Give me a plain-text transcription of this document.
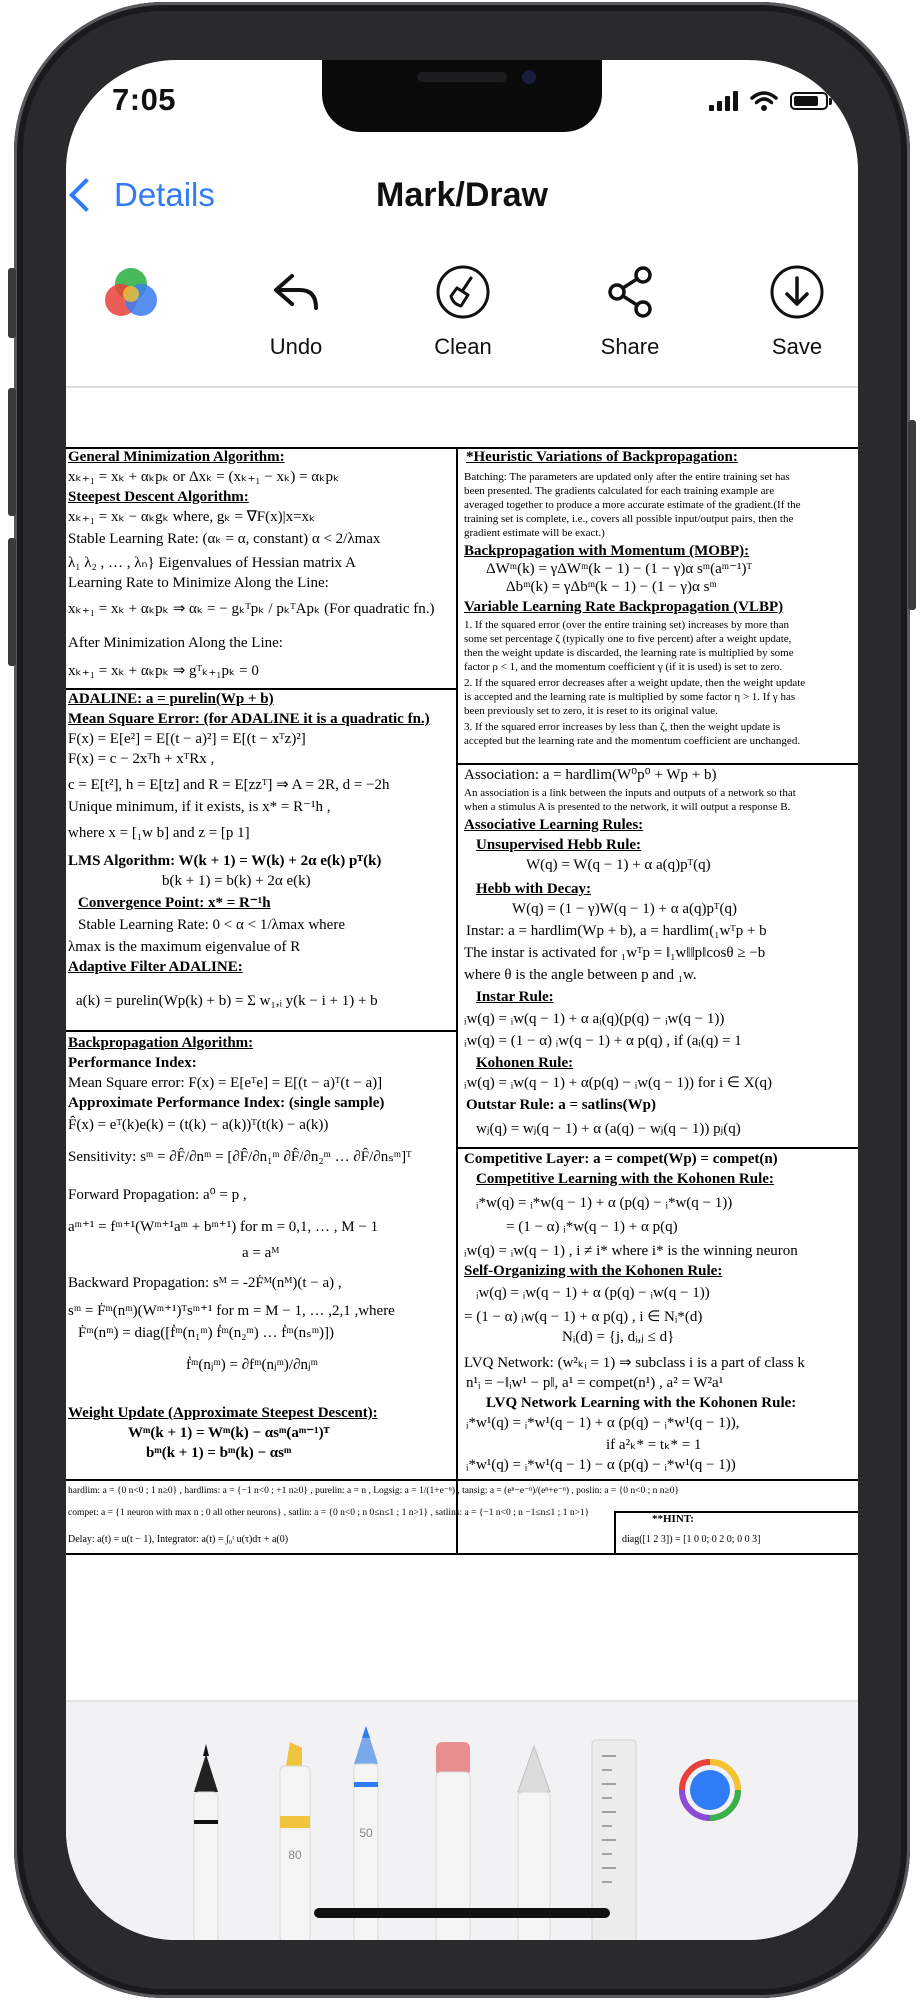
7:05
Details	Mark/Draw
Undo	Clean	Share	Save
General Minimization Algorithm:
xₖ₊₁ = xₖ + αₖpₖ or Δxₖ = (xₖ₊₁ − xₖ) = αₖpₖ
Steepest Descent Algorithm:
xₖ₊₁ = xₖ − αₖgₖ where, gₖ = ∇F(x)|x=xₖ
Stable Learning Rate: (αₖ = α, constant) α < 2/λmax
λ₁ λ₂ , … , λₙ} Eigenvalues of Hessian matrix A
Learning Rate to Minimize Along the Line:
xₖ₊₁ = xₖ + αₖpₖ ⇒ αₖ = − gₖᵀpₖ / pₖᵀApₖ (For quadratic fn.)
After Minimization Along the Line:
xₖ₊₁ = xₖ + αₖpₖ ⇒ gᵀₖ₊₁pₖ = 0
ADALINE: a = purelin(Wp + b)
Mean Square Error: (for ADALINE it is a quadratic fn.)
F(x) = E[e²] = E[(t − a)²] = E[(t − xᵀz)²]
F(x) = c − 2xᵀh + xᵀRx ,
c = E[t²], h = E[tz] and R = E[zzᵀ] ⇒ A = 2R, d = −2h
Unique minimum, if it exists, is x* = R⁻¹h ,
where x = [₁w b] and z = [p 1]
LMS Algorithm: W(k + 1) = W(k) + 2α e(k) pᵀ(k)
b(k + 1) = b(k) + 2α e(k)
Convergence Point: x* = R⁻¹h
Stable Learning Rate: 0 < α < 1/λmax where
λmax is the maximum eigenvalue of R
Adaptive Filter ADALINE:
a(k) = purelin(Wp(k) + b) = Σ w₁,ᵢ y(k − i + 1) + b
Backpropagation Algorithm:
Performance Index:
Mean Square error: F(x) = E[eᵀe] = E[(t − a)ᵀ(t − a)]
Approximate Performance Index: (single sample)
F̂(x) = eᵀ(k)e(k) = (t(k) − a(k))ᵀ(t(k) − a(k))
Sensitivity: sᵐ = ∂F̂/∂nᵐ = [∂F̂/∂n₁ᵐ ∂F̂/∂n₂ᵐ … ∂F̂/∂nₛᵐ]ᵀ
Forward Propagation: a⁰ = p ,
aᵐ⁺¹ = fᵐ⁺¹(Wᵐ⁺¹aᵐ + bᵐ⁺¹) for m = 0,1, … , M − 1
a = aᴹ
Backward Propagation: sᴹ = -2Ḟᴹ(nᴹ)(t − a) ,
sᵐ = Ḟᵐ(nᵐ)(Wᵐ⁺¹)ᵀsᵐ⁺¹ for m = M − 1, … ,2,1 ,where
Ḟᵐ(nᵐ) = diag([ḟᵐ(n₁ᵐ) ḟᵐ(n₂ᵐ) … ḟᵐ(nₛᵐ)])
ḟᵐ(nⱼᵐ) = ∂fᵐ(nⱼᵐ)/∂nⱼᵐ
Weight Update (Approximate Steepest Descent):
Wᵐ(k + 1) = Wᵐ(k) − αsᵐ(aᵐ⁻¹)ᵀ
bᵐ(k + 1) = bᵐ(k) − αsᵐ
*Heuristic Variations of Backpropagation:
Batching: The parameters are updated only after the entire training set has
been presented. The gradients calculated for each training example are
averaged together to produce a more accurate estimate of the gradient.(If the
training set is complete, i.e., covers all possible input/output pairs, then the
gradient estimate will be exact.)
Backpropagation with Momentum (MOBP):
ΔWᵐ(k) = γΔWᵐ(k − 1) − (1 − γ)α sᵐ(aᵐ⁻¹)ᵀ
Δbᵐ(k) = γΔbᵐ(k − 1) − (1 − γ)α sᵐ
Variable Learning Rate Backpropagation (VLBP)
1. If the squared error (over the entire training set) increases by more than
some set percentage ζ (typically one to five percent) after a weight update,
then the weight update is discarded, the learning rate is multiplied by some
factor ρ < 1, and the momentum coefficient γ (if it is used) is set to zero.
2. If the squared error decreases after a weight update, then the weight update
is accepted and the learning rate is multiplied by some factor η > 1. If γ has
been previously set to zero, it is reset to its original value.
3. If the squared error increases by less than ζ, then the weight update is
accepted but the learning rate and the momentum coefficient are unchanged.
Association: a = hardlim(W⁰p⁰ + Wp + b)
An association is a link between the inputs and outputs of a network so that
when a stimulus A is presented to the network, it will output a response B.
Associative Learning Rules:
Unsupervised Hebb Rule:
W(q) = W(q − 1) + α a(q)pᵀ(q)
Hebb with Decay:
W(q) = (1 − γ)W(q − 1) + α a(q)pᵀ(q)
Instar: a = hardlim(Wp + b), a = hardlim(₁wᵀp + b
The instar is activated for ₁wᵀp = ‖₁w‖‖p‖cosθ ≥ −b
where θ is the angle between p and ₁w.
Instar Rule:
ᵢw(q) = ᵢw(q − 1) + α aᵢ(q)(p(q) − ᵢw(q − 1))
ᵢw(q) = (1 − α) ᵢw(q − 1) + α p(q) , if (aᵢ(q) = 1
Kohonen Rule:
ᵢw(q) = ᵢw(q − 1) + α(p(q) − ᵢw(q − 1)) for i ∈ X(q)
Outstar Rule: a = satlins(Wp)
wⱼ(q) = wⱼ(q − 1) + α (a(q) − wⱼ(q − 1)) pⱼ(q)
Competitive Layer: a = compet(Wp) = compet(n)
Competitive Learning with the Kohonen Rule:
ᵢ*w(q) = ᵢ*w(q − 1) + α (p(q) − ᵢ*w(q − 1))
= (1 − α) ᵢ*w(q − 1) + α p(q)
ᵢw(q) = ᵢw(q − 1) , i ≠ i* where i* is the winning neuron
Self-Organizing with the Kohonen Rule:
ᵢw(q) = ᵢw(q − 1) + α (p(q) − ᵢw(q − 1))
= (1 − α) ᵢw(q − 1) + α p(q) , i ∈ Nᵢ*(d)
Nᵢ(d) = {j, dᵢ,ⱼ ≤ d}
LVQ Network: (w²ₖᵢ = 1) ⇒ subclass i is a part of class k
n¹ᵢ = −‖ᵢw¹ − p‖, a¹ = compet(n¹) , a² = W²a¹
LVQ Network Learning with the Kohonen Rule:
ᵢ*w¹(q) = ᵢ*w¹(q − 1) + α (p(q) − ᵢ*w¹(q − 1)),
if a²ₖ* = tₖ* = 1
ᵢ*w¹(q) = ᵢ*w¹(q − 1) − α (p(q) − ᵢ*w¹(q − 1))
hardlim: a = {0 n<0 ; 1 n≥0} , hardlims: a = {−1 n<0 ; +1 n≥0} , purelin: a = n , Logsig: a = 1/(1+e⁻ⁿ) , tansig: a = (eⁿ−e⁻ⁿ)/(eⁿ+e⁻ⁿ) , poslin: a = {0 n<0 ; n n≥0}
compet: a = {1 neuron with max n ; 0 all other neurons} , satlin: a = {0 n<0 ; n 0≤n≤1 ; 1 n>1} , satlins: a = {−1 n<0 ; n −1≤n≤1 ; 1 n>1}
Delay: a(t) = u(t − 1), Integrator: a(t) = ∫₀ᵗ u(τ)dτ + a(0)
**HINT:
diag([1 2 3]) = [1 0 0; 0 2 0; 0 0 3]
80
50
